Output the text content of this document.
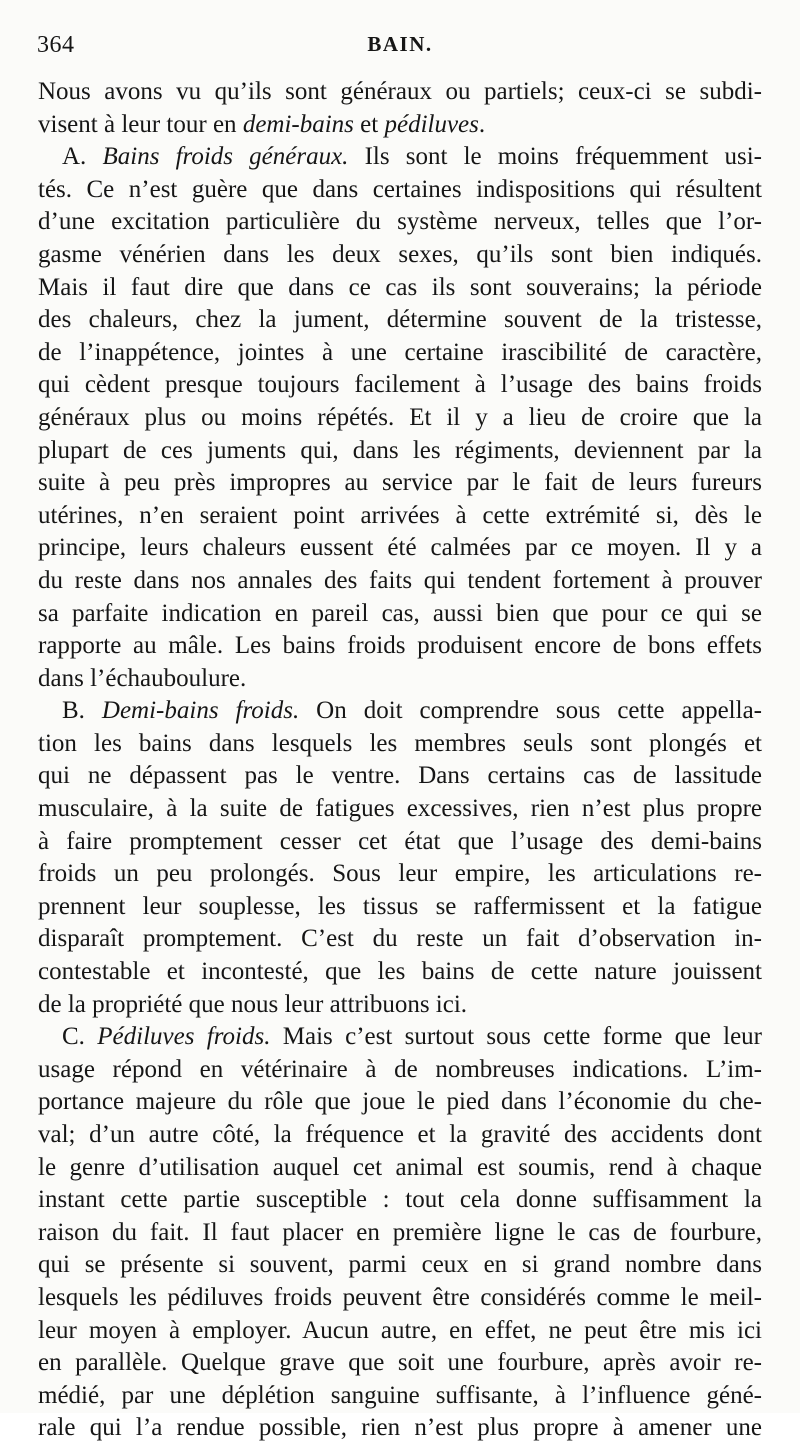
364	BAIN.
Nous avons vu qu’ils sont généraux ou partiels; ceux-ci se subdi-
visent à leur tour en demi-bains et pédiluves.
A. Bains froids généraux. Ils sont le moins fréquemment usi-
tés. Ce n’est guère que dans certaines indispositions qui résultent
d’une excitation particulière du système nerveux, telles que l’or-
gasme vénérien dans les deux sexes, qu’ils sont bien indiqués.
Mais il faut dire que dans ce cas ils sont souverains; la période
des chaleurs, chez la jument, détermine souvent de la tristesse,
de l’inappétence, jointes à une certaine irascibilité de caractère,
qui cèdent presque toujours facilement à l’usage des bains froids
généraux plus ou moins répétés. Et il y a lieu de croire que la
plupart de ces juments qui, dans les régiments, deviennent par la
suite à peu près impropres au service par le fait de leurs fureurs
utérines, n’en seraient point arrivées à cette extrémité si, dès le
principe, leurs chaleurs eussent été calmées par ce moyen. Il y a
du reste dans nos annales des faits qui tendent fortement à prouver
sa parfaite indication en pareil cas, aussi bien que pour ce qui se
rapporte au mâle. Les bains froids produisent encore de bons effets
dans l’échauboulure.
B. Demi-bains froids. On doit comprendre sous cette appella-
tion les bains dans lesquels les membres seuls sont plongés et
qui ne dépassent pas le ventre. Dans certains cas de lassitude
musculaire, à la suite de fatigues excessives, rien n’est plus propre
à faire promptement cesser cet état que l’usage des demi-bains
froids un peu prolongés. Sous leur empire, les articulations re-
prennent leur souplesse, les tissus se raffermissent et la fatigue
disparaît promptement. C’est du reste un fait d’observation in-
contestable et incontesté, que les bains de cette nature jouissent
de la propriété que nous leur attribuons ici.
C. Pédiluves froids. Mais c’est surtout sous cette forme que leur
usage répond en vétérinaire à de nombreuses indications. L’im-
portance majeure du rôle que joue le pied dans l’économie du che-
val; d’un autre côté, la fréquence et la gravité des accidents dont
le genre d’utilisation auquel cet animal est soumis, rend à chaque
instant cette partie susceptible : tout cela donne suffisamment la
raison du fait. Il faut placer en première ligne le cas de fourbure,
qui se présente si souvent, parmi ceux en si grand nombre dans
lesquels les pédiluves froids peuvent être considérés comme le meil-
leur moyen à employer. Aucun autre, en effet, ne peut être mis ici
en parallèle. Quelque grave que soit une fourbure, après avoir re-
médié, par une déplétion sanguine suffisante, à l’influence géné-
rale qui l’a rendue possible, rien n’est plus propre à amener une
